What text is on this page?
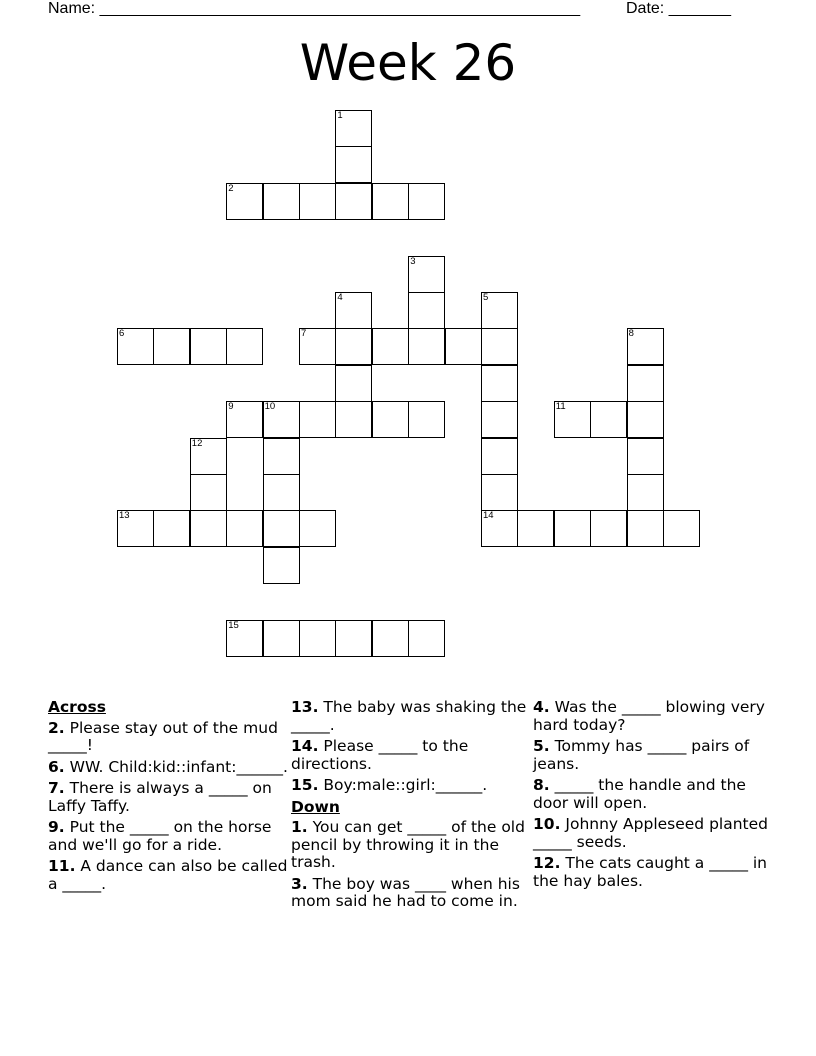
Name: ______________________________________________________	Date: _______
Week 26
1
2
3
4	5
6	7	8
9	10	11
12
13	14
15
Across
2. Please stay out of the mud _____!
6. WW. Child:kid::infant:______.
7. There is always a _____ on Laffy Taffy.
9. Put the _____ on the horse and we'll go for a ride.
11. A dance can also be called a _____.
13. The baby was shaking the _____.
14. Please _____ to the directions.
15. Boy:male::girl:______.
Down
1. You can get _____ of the old pencil by throwing it in the trash.
3. The boy was ____ when his mom said he had to come in.
4. Was the _____ blowing very hard today?
5. Tommy has _____ pairs of jeans.
8. _____ the handle and the door will open.
10. Johnny Appleseed planted _____ seeds.
12. The cats caught a _____ in the hay bales.
